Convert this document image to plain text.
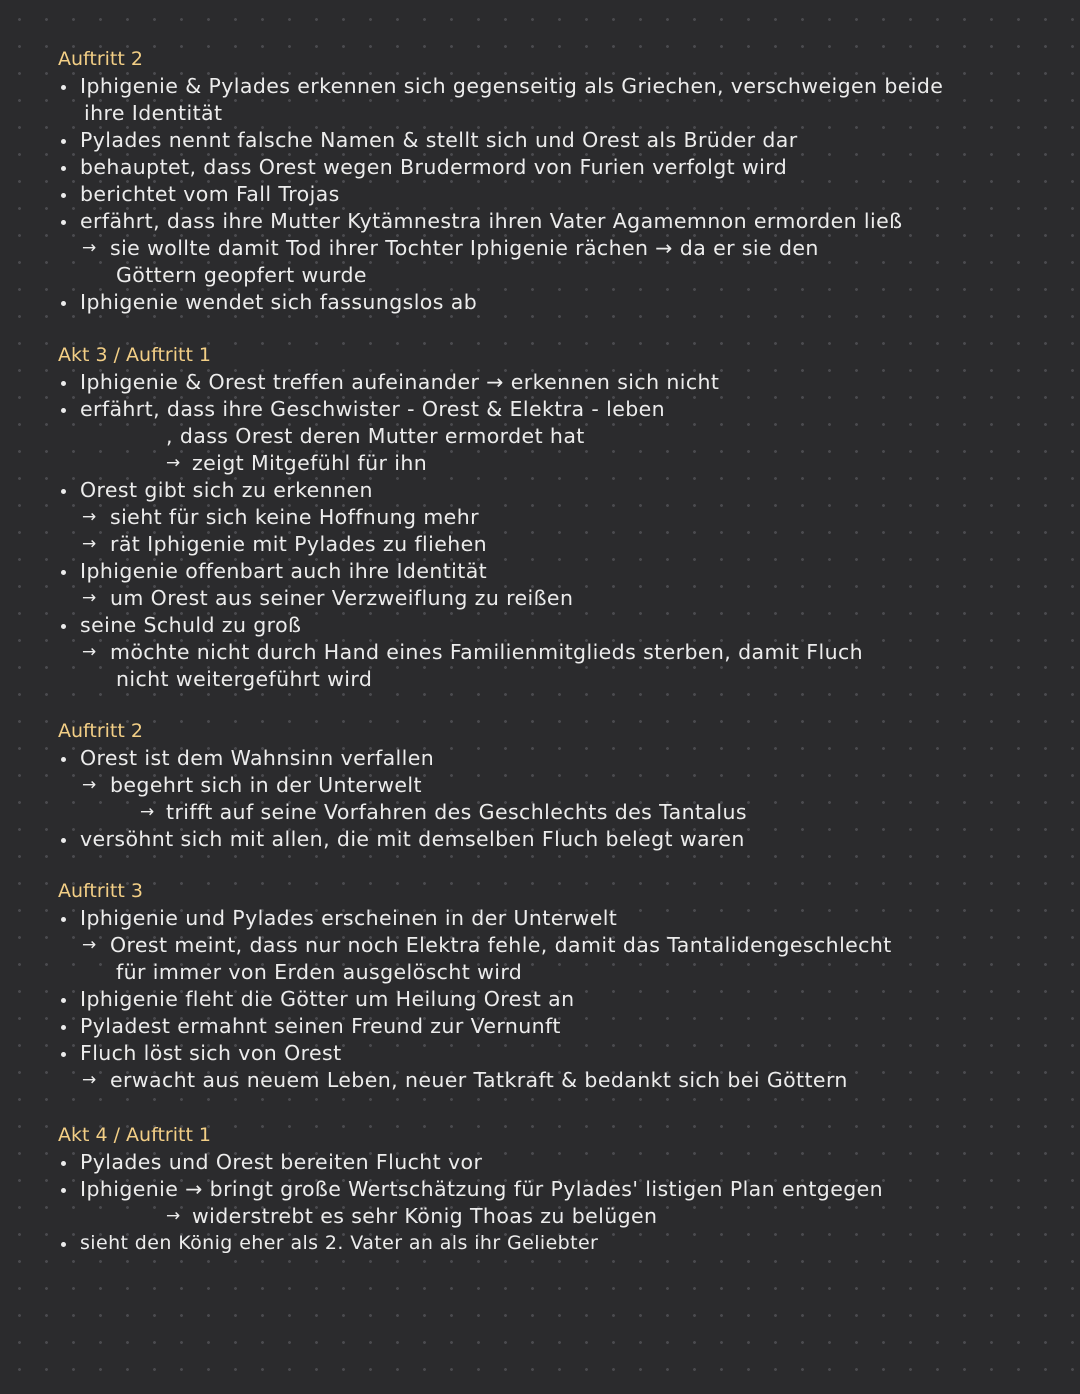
Auftritt 2
Iphigenie & Pylades erkennen sich gegenseitig als Griechen, verschweigen beide
ihre Identität
Pylades nennt falsche Namen & stellt sich und Orest als Brüder dar
behauptet, dass Orest wegen Brudermord von Furien verfolgt wird
berichtet vom Fall Trojas
erfährt, dass ihre Mutter Kytämnestra ihren Vater Agamemnon ermorden ließ
→ sie wollte damit Tod ihrer Tochter Iphigenie rächen → da er sie den
Göttern geopfert wurde
Iphigenie wendet sich fassungslos ab
Akt 3 / Auftritt 1
Iphigenie & Orest treffen aufeinander → erkennen sich nicht
erfährt, dass ihre Geschwister - Orest & Elektra - leben
, dass Orest deren Mutter ermordet hat
→ zeigt Mitgefühl für ihn
Orest gibt sich zu erkennen
→ sieht für sich keine Hoffnung mehr
→ rät Iphigenie mit Pylades zu fliehen
Iphigenie offenbart auch ihre Identität
→ um Orest aus seiner Verzweiflung zu reißen
seine Schuld zu groß
→ möchte nicht durch Hand eines Familienmitglieds sterben, damit Fluch
nicht weitergeführt wird
Auftritt 2
Orest ist dem Wahnsinn verfallen
→ begehrt sich in der Unterwelt
→ trifft auf seine Vorfahren des Geschlechts des Tantalus
versöhnt sich mit allen, die mit demselben Fluch belegt waren
Auftritt 3
Iphigenie und Pylades erscheinen in der Unterwelt
→ Orest meint, dass nur noch Elektra fehle, damit das Tantalidengeschlecht
für immer von Erden ausgelöscht wird
Iphigenie fleht die Götter um Heilung Orest an
Pyladest ermahnt seinen Freund zur Vernunft
Fluch löst sich von Orest
→ erwacht aus neuem Leben, neuer Tatkraft & bedankt sich bei Göttern
Akt 4 / Auftritt 1
Pylades und Orest bereiten Flucht vor
Iphigenie → bringt große Wertschätzung für Pylades' listigen Plan entgegen
→ widerstrebt es sehr König Thoas zu belügen
sieht den König eher als 2. Vater an als ihr Geliebter
